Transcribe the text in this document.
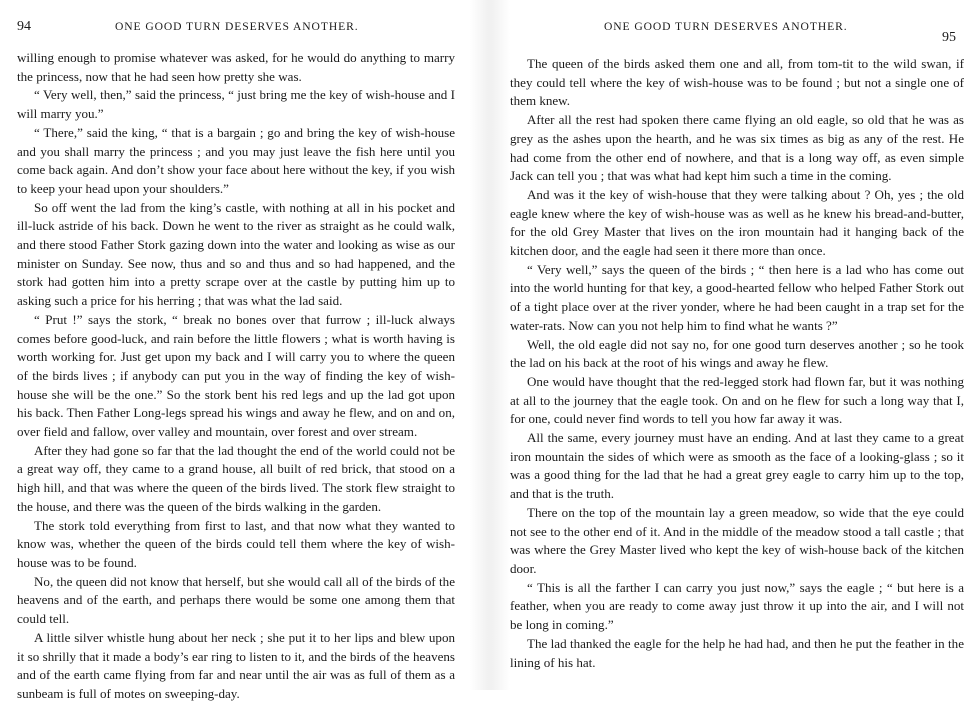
94	ONE GOOD TURN DESERVES ANOTHER.

willing enough to promise whatever was asked, for he would do anything to marry the princess, now that he had seen how pretty she was.

“ Very well, then,” said the princess, “ just bring me the key of wish-house and I will marry you.”

“ There,” said the king, “ that is a bargain ; go and bring the key of wish-house and you shall marry the princess ; and you may just leave the fish here until you come back again. And don’t show your face about here without the key, if you wish to keep your head upon your shoulders.”

So off went the lad from the king’s castle, with nothing at all in his pocket and ill-luck astride of his back. Down he went to the river as straight as he could walk, and there stood Father Stork gazing down into the water and looking as wise as our minister on Sunday. See now, thus and so and thus and so had happened, and the stork had gotten him into a pretty scrape over at the castle by putting him up to asking such a price for his herring ; that was what the lad said.

“ Prut !” says the stork, “ break no bones over that furrow ; ill-luck always comes before good-luck, and rain before the little flowers ; what is worth having is worth working for. Just get upon my back and I will carry you to where the queen of the birds lives ; if anybody can put you in the way of finding the key of wish-house she will be the one.” So the stork bent his red legs and up the lad got upon his back. Then Father Long-legs spread his wings and away he flew, and on and on, over field and fallow, over valley and mountain, over forest and over stream.

After they had gone so far that the lad thought the end of the world could not be a great way off, they came to a grand house, all built of red brick, that stood on a high hill, and that was where the queen of the birds lived. The stork flew straight to the house, and there was the queen of the birds walking in the garden.

The stork told everything from first to last, and that now what they wanted to know was, whether the queen of the birds could tell them where the key of wish-house was to be found.

No, the queen did not know that herself, but she would call all of the birds of the heavens and of the earth, and perhaps there would be some one among them that could tell.

A little silver whistle hung about her neck ; she put it to her lips and blew upon it so shrilly that it made a body’s ear ring to listen to it, and the birds of the heavens and of the earth came flying from far and near until the air was as full of them as a sunbeam is full of motes on sweeping-day.

ONE GOOD TURN DESERVES ANOTHER.
95

The queen of the birds asked them one and all, from tom-tit to the wild swan, if they could tell where the key of wish-house was to be found ; but not a single one of them knew.

After all the rest had spoken there came flying an old eagle, so old that he was as grey as the ashes upon the hearth, and he was six times as big as any of the rest. He had come from the other end of nowhere, and that is a long way off, as even simple Jack can tell you ; that was what had kept him such a time in the coming.

And was it the key of wish-house that they were talking about ? Oh, yes ; the old eagle knew where the key of wish-house was as well as he knew his bread-and-butter, for the old Grey Master that lives on the iron mountain had it hanging back of the kitchen door, and the eagle had seen it there more than once.

“ Very well,” says the queen of the birds ; “ then here is a lad who has come out into the world hunting for that key, a good-hearted fellow who helped Father Stork out of a tight place over at the river yonder, where he had been caught in a trap set for the water-rats. Now can you not help him to find what he wants ?”

Well, the old eagle did not say no, for one good turn deserves another ; so he took the lad on his back at the root of his wings and away he flew.

One would have thought that the red-legged stork had flown far, but it was nothing at all to the journey that the eagle took. On and on he flew for such a long way that I, for one, could never find words to tell you how far away it was.

All the same, every journey must have an ending. And at last they came to a great iron mountain the sides of which were as smooth as the face of a looking-glass ; so it was a good thing for the lad that he had a great grey eagle to carry him up to the top, and that is the truth.

There on the top of the mountain lay a green meadow, so wide that the eye could not see to the other end of it. And in the middle of the meadow stood a tall castle ; that was where the Grey Master lived who kept the key of wish-house back of the kitchen door.

“ This is all the farther I can carry you just now,” says the eagle ; “ but here is a feather, when you are ready to come away just throw it up into the air, and I will not be long in coming.”

The lad thanked the eagle for the help he had had, and then he put the feather in the lining of his hat.
